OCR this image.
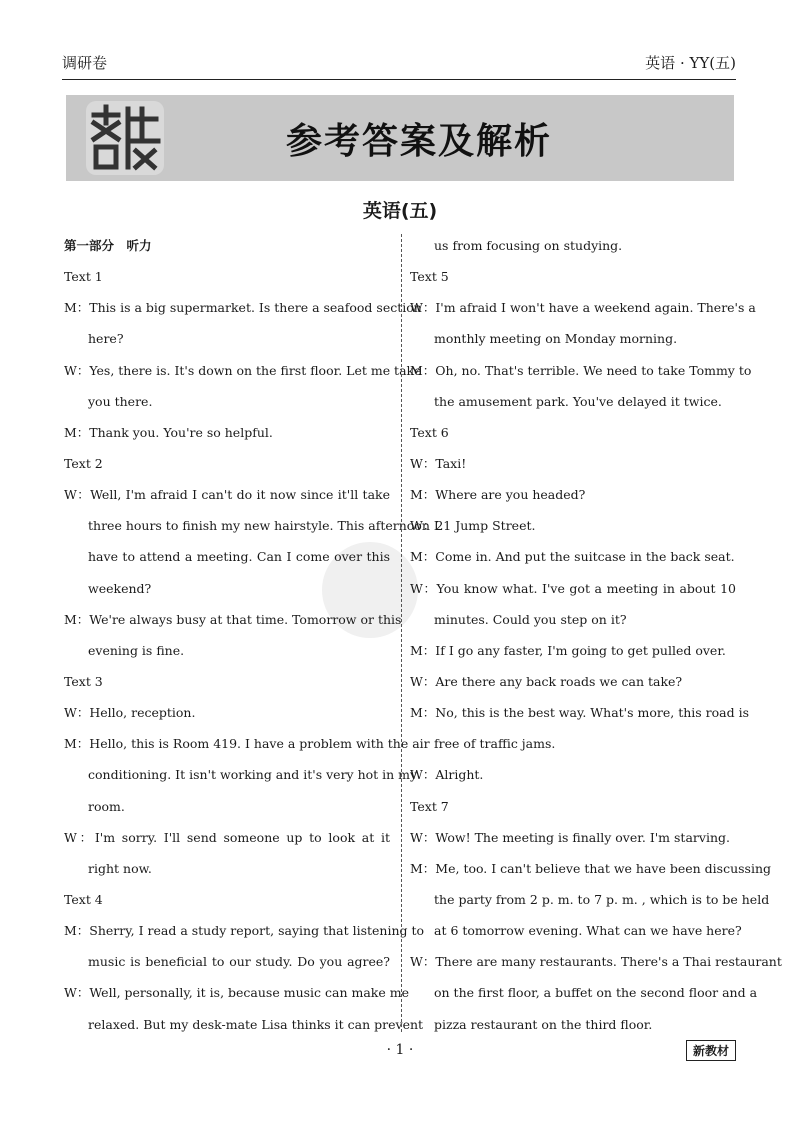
调研卷	英语 · YY(五)
参考答案及解析
英语(五)
第一部分　听力
Text 1
M：This is a big supermarket. Is there a seafood section
here?
W：Yes, there is. It's down on the first floor. Let me take
you there.
M：Thank you. You're so helpful.
Text 2
W：Well, I'm afraid I can't do it now since it'll take
three hours to finish my new hairstyle. This afternoon I
have to attend a meeting. Can I come over this
weekend?
M：We're always busy at that time. Tomorrow or this
evening is fine.
Text 3
W：Hello, reception.
M：Hello, this is Room 419. I have a problem with the air
conditioning. It isn't working and it's very hot in my
room.
W：I'm sorry. I'll send someone up to look at it
right now.
Text 4
M：Sherry, I read a study report, saying that listening to
music is beneficial to our study. Do you agree?
W：Well, personally, it is, because music can make me
relaxed. But my desk-mate Lisa thinks it can prevent
us from focusing on studying.
Text 5
W：I'm afraid I won't have a weekend again. There's a
monthly meeting on Monday morning.
M：Oh, no. That's terrible. We need to take Tommy to
the amusement park. You've delayed it twice.
Text 6
W：Taxi!
M：Where are you headed?
W：21 Jump Street.
M：Come in. And put the suitcase in the back seat.
W：You know what. I've got a meeting in about 10
minutes. Could you step on it?
M：If I go any faster, I'm going to get pulled over.
W：Are there any back roads we can take?
M：No, this is the best way. What's more, this road is
free of traffic jams.
W：Alright.
Text 7
W：Wow! The meeting is finally over. I'm starving.
M：Me, too. I can't believe that we have been discussing
the party from 2 p. m. to 7 p. m. , which is to be held
at 6 tomorrow evening. What can we have here?
W：There are many restaurants. There's a Thai restaurant
on the first floor, a buffet on the second floor and a
pizza restaurant on the third floor.
· 1 ·	新教材
